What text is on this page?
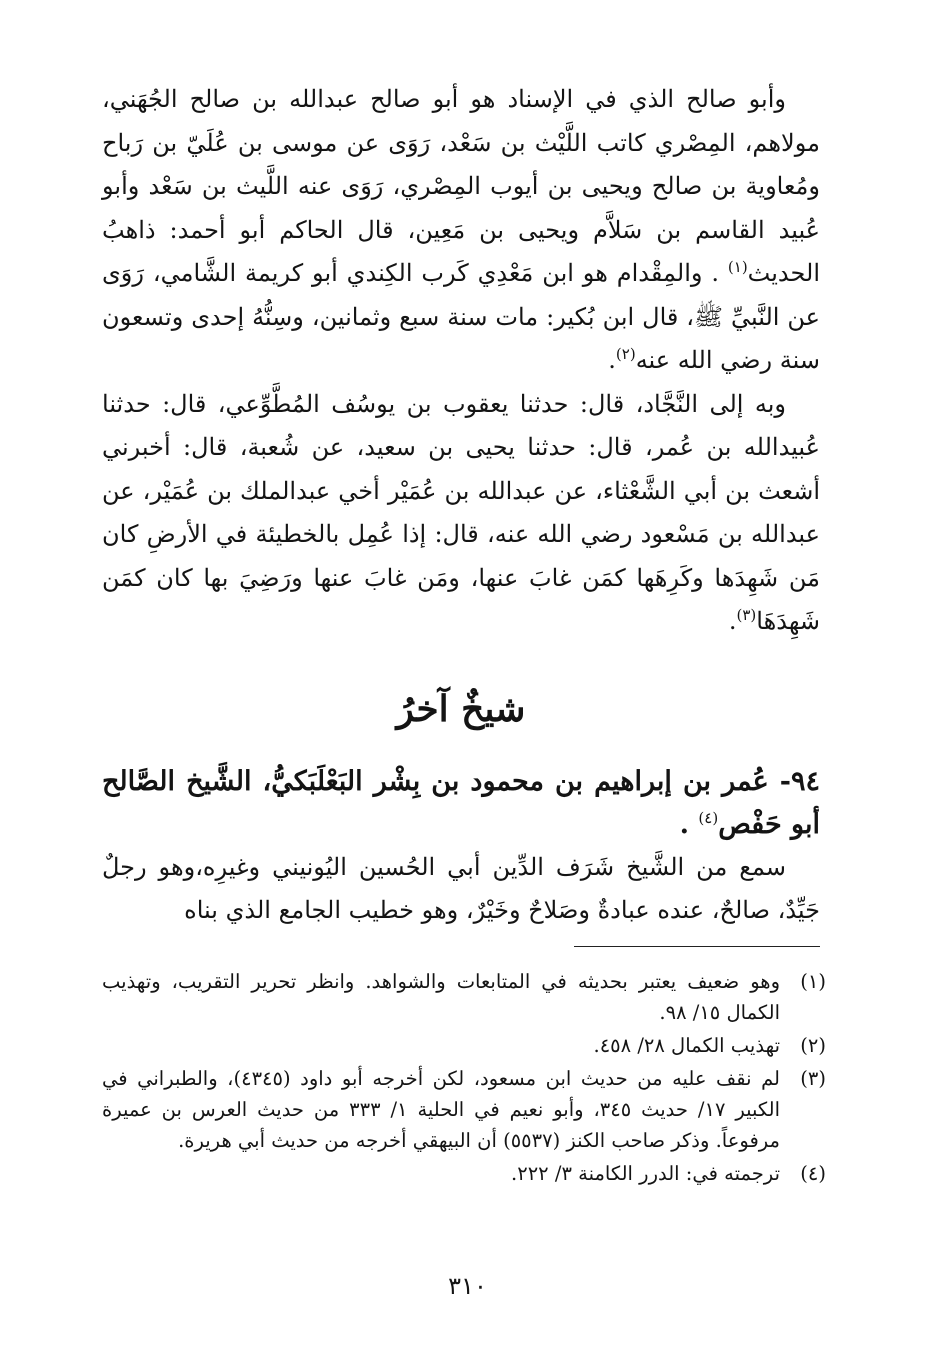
وأبو صالح الذي في الإسناد هو أبو صالح عبدالله بن صالح الجُهَني، مولاهم، المِصْري كاتب اللَّيْث بن سَعْد، رَوَى عن موسى بن عُلَيّ بن رَباح ومُعاوية بن صالح ويحيى بن أيوب المِصْري، رَوَى عنه اللَّيث بن سَعْد وأبو عُبيد القاسم بن سَلاَّم ويحيى بن مَعِين، قال الحاكم أبو أحمد: ذاهبُ الحديث$^{(١)}$ . والمِقْدام هو ابن مَعْدِي كَرب الكِندي أبو كريمة الشَّامي، رَوَى عن النَّبيِّ ﷺ، قال ابن بُكير: مات سنة سبع وثمانين، وسِنُّهُ إحدى وتسعون سنة رضي الله عنه$^{(٢)}$.

وبه إلى النَّجَّاد، قال: حدثنا يعقوب بن يوسُف المُطَّوِّعي، قال: حدثنا عُبيدالله بن عُمر، قال: حدثنا يحيى بن سعيد، عن شُعبة، قال: أخبرني أشعث بن أبي الشَّعْثاء، عن عبدالله بن عُمَيْر أخي عبدالملك بن عُمَيْر، عن عبدالله بن مَسْعود رضي الله عنه، قال: إذا عُمِل بالخطيئة في الأرضِ كان مَن شَهِدَها وكَرِهَها كمَن غابَ عنها، ومَن غابَ عنها ورَضِيَ بها كان كمَن شَهِدَهَا$^{(٣)}$.

شيخٌ آخرُ

٩٤- عُمر بن إبراهيم بن محمود بن بِشْر البَعْلَبَكيُّ، الشَّيخ الصَّالح أبو حَفْص$^{(٤)}$ .

سمع من الشَّيخ شَرَف الدِّين أبي الحُسين اليُونيني وغيرِه،وهو رجلٌ جَيِّدٌ، صالحٌ، عنده عبادةٌ وصَلاحٌ وخَيْرٌ، وهو خطيب الجامع الذي بناه

(١)
وهو ضعيف يعتبر بحديثه في المتابعات والشواهد. وانظر تحرير التقريب، وتهذيب الكمال ١٥/ ٩٨.
(٢)
تهذيب الكمال ٢٨/ ٤٥٨.
(٣)
لم نقف عليه من حديث ابن مسعود، لكن أخرجه أبو داود (٤٣٤٥)، والطبراني في الكبير ١٧/ حديث ٣٤٥، وأبو نعيم في الحلية ١/ ٣٣٣ من حديث العرس بن عميرة مرفوعاً. وذكر صاحب الكنز (٥٥٣٧) أن البيهقي أخرجه من حديث أبي هريرة.
(٤)
ترجمته في: الدرر الكامنة ٣/ ٢٢٢.
٣١٠
